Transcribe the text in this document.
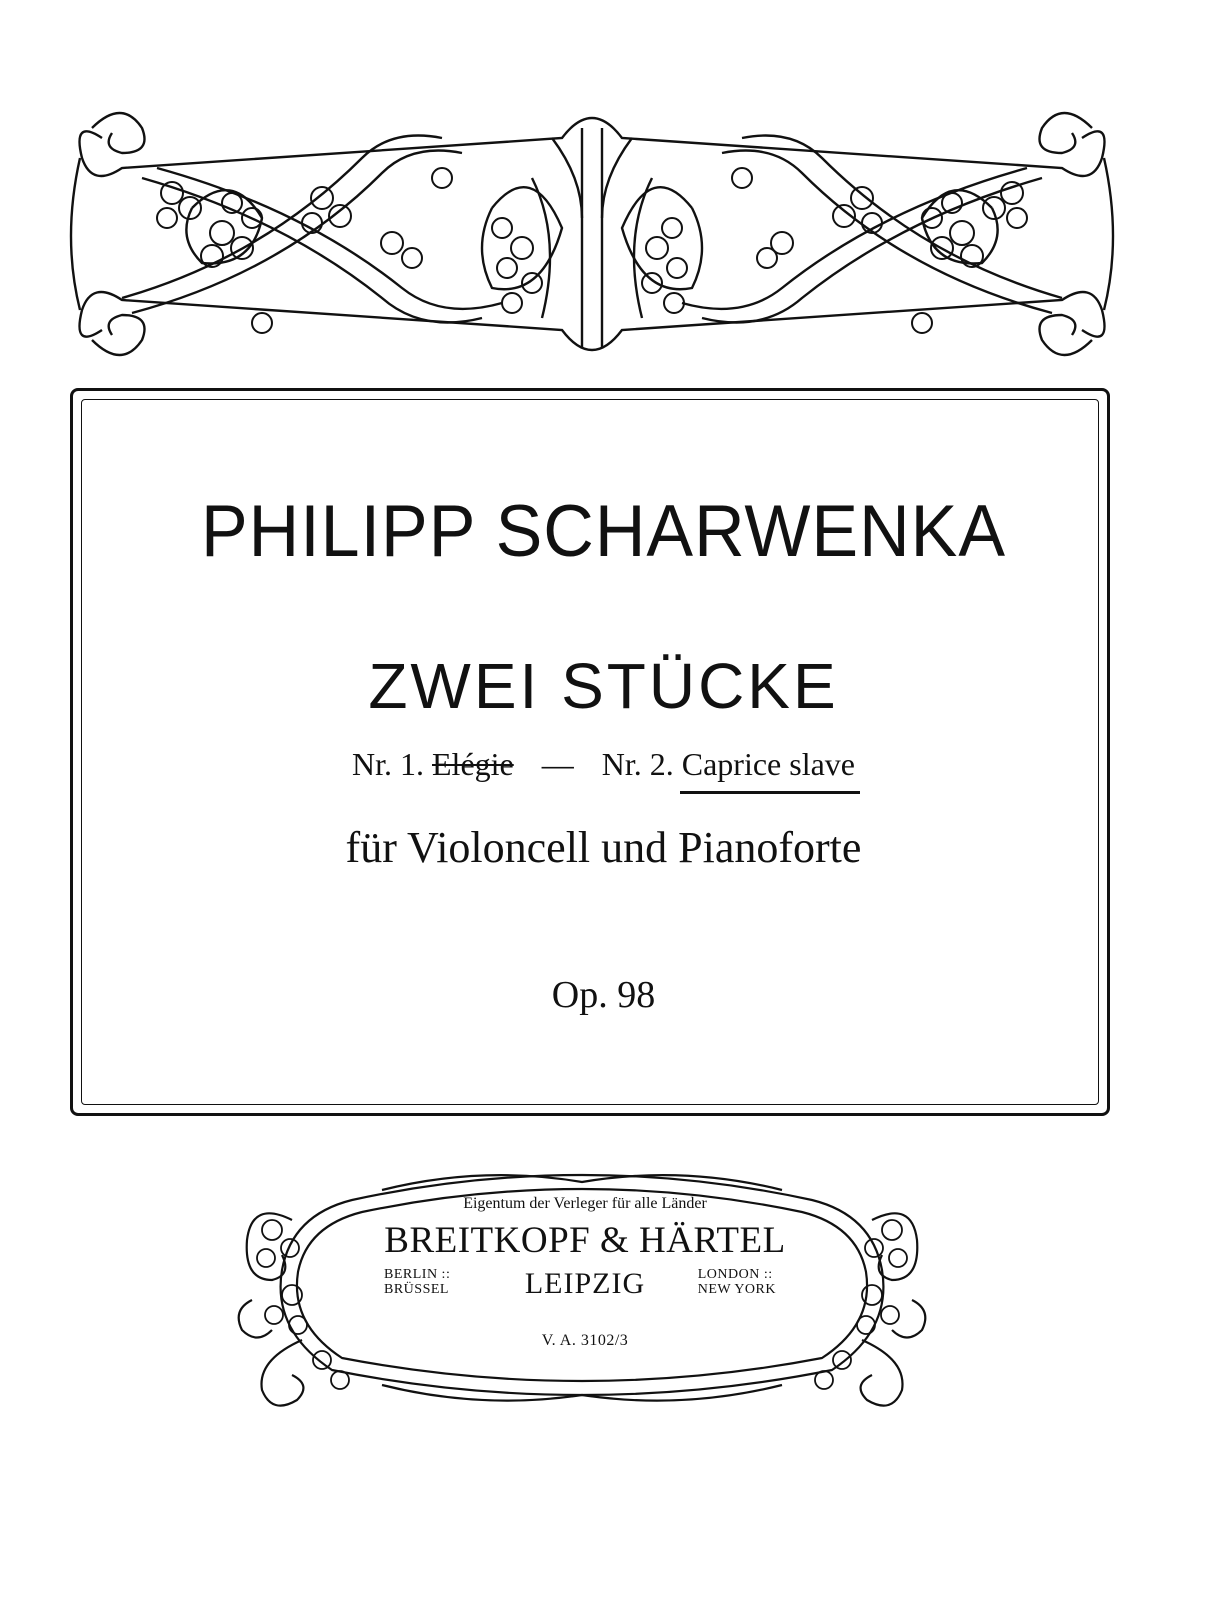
PHILIPP SCHARWENKA
ZWEI STÜCKE
Nr. 1. Elégie — Nr. 2. Caprice slave
für Violoncell und Pianoforte
Op. 98
Eigentum der Verleger für alle Länder
BREITKOPF & HÄRTEL
BERLIN ::
BRÜSSEL	LEIPZIG	LONDON ::
NEW YORK
V. A. 3102/3
